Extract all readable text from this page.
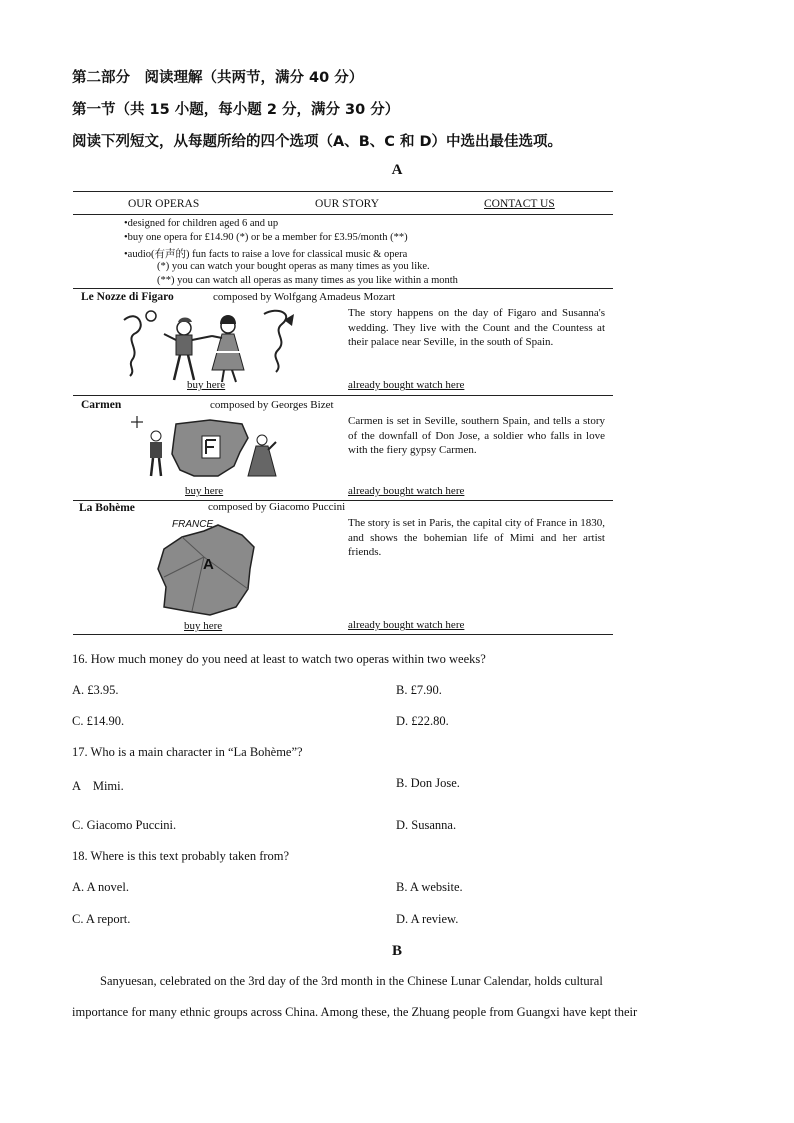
第二部分　阅读理解（共两节，满分 40 分）
第一节（共 15 小题，每小题 2 分，满分 30 分）
阅读下列短文，从每题所给的四个选项（A、B、C 和 D）中选出最佳选项。
A
OUR OPERAS	OUR STORY	CONTACT US
•designed for children aged 6 and up
•buy one opera for £14.90 (*) or be a member for £3.95/month (**)
•audio(有声的) fun facts to raise a love for classical music & opera
(*) you can watch your bought operas as many times as you like.
(**) you can watch all operas as many times as you like within a month
Le Nozze di Figaro	composed by Wolfgang Amadeus Mozart
The story happens on the day of Figaro and Susanna's wedding. They live with the Count and the Countess at their palace near Seville, in the south of Spain.
buy here	already bought watch here
Carmen	composed by Georges Bizet
Carmen is set in Seville, southern Spain, and tells a story of the downfall of Don Jose, a soldier who falls in love with the fiery gypsy Carmen.
buy here	already bought watch here
La Bohème	composed by Giacomo Puccini
FRANCE
A
The story is set in Paris, the capital city of France in 1830, and shows the bohemian life of Mimi and her artist friends.
buy here	already bought watch here
16. How much money do you need at least to watch two operas within two weeks?
A. £3.95.	B. £7.90.
C. £14.90.	D. £22.80.
17. Who is a main character in “La Bohème”?
A　Mimi.	B. Don Jose.
C. Giacomo Puccini.	D. Susanna.
18. Where is this text probably taken from?
A. A novel.	B. A website.
C. A report.	D. A review.
B
Sanyuesan, celebrated on the 3rd day of the 3rd month in the Chinese Lunar Calendar, holds cultural
importance for many ethnic groups across China. Among these, the Zhuang people from Guangxi have kept their
